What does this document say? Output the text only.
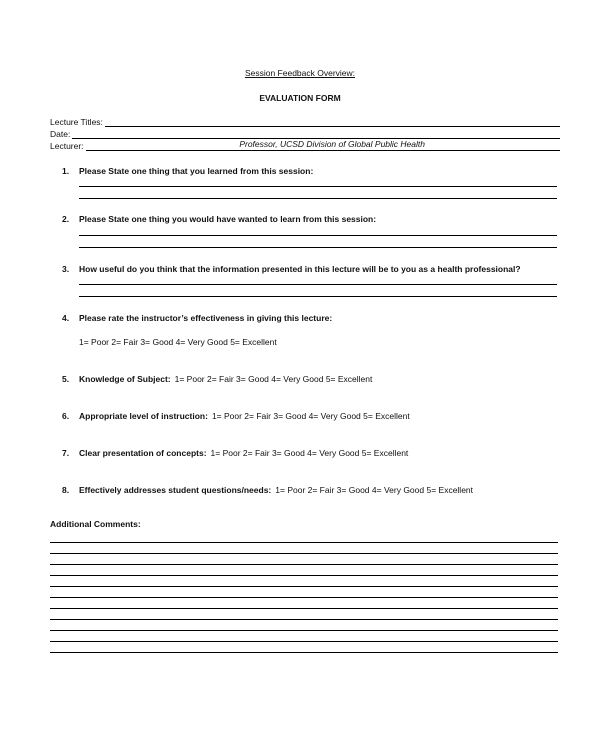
Session Feedback Overview:
EVALUATION FORM
Lecture Titles:
Date:
Lecturer:	Professor, UCSD Division of Global Public Health
1. Please State one thing that you learned from this session:
2. Please State one thing you would have wanted to learn from this session:
3. How useful do you think that the information presented in this lecture will be to you as a health professional?
4. Please rate the instructor’s effectiveness in giving this lecture:
1= Poor 2= Fair 3= Good 4= Very Good 5= Excellent
5. Knowledge of Subject: 1= Poor 2= Fair 3= Good 4= Very Good 5= Excellent
6. Appropriate level of instruction: 1= Poor 2= Fair 3= Good 4= Very Good 5= Excellent
7. Clear presentation of concepts: 1= Poor 2= Fair 3= Good 4= Very Good 5= Excellent
8. Effectively addresses student questions/needs: 1= Poor 2= Fair 3= Good 4= Very Good 5= Excellent
Additional Comments:
